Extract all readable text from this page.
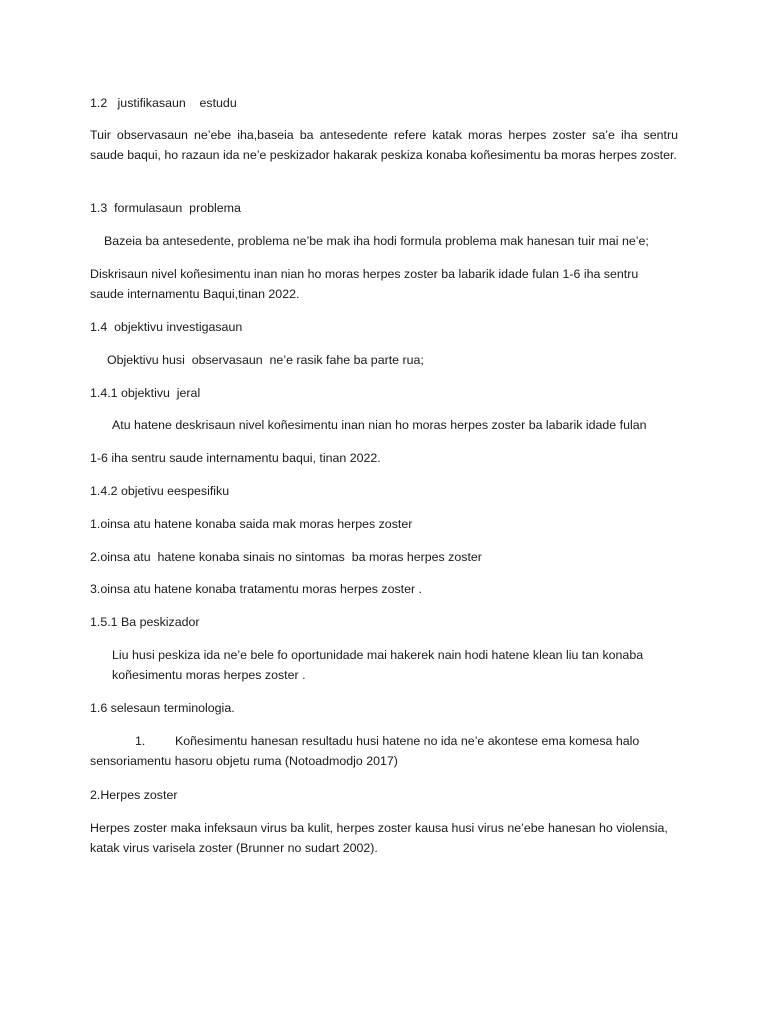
1.2   justifikasaun    estudu
Tuir observasaun ne’ebe iha,baseia ba antesedente refere katak moras herpes zoster sa’e iha sentru saude baqui, ho razaun ida ne’e peskizador hakarak peskiza konaba koñesimentu ba moras herpes zoster.
1.3  formulasaun  problema
Bazeia ba antesedente, problema ne’be mak iha hodi formula problema mak hanesan tuir mai ne’e;
Diskrisaun nivel koñesimentu inan nian ho moras herpes zoster ba labarik idade fulan 1-6 iha sentru
saude internamentu Baqui,tinan 2022.
1.4  objektivu investigasaun
Objektivu husi  observasaun  ne’e rasik fahe ba parte rua;
1.4.1 objektivu  jeral
Atu hatene deskrisaun nivel koñesimentu inan nian ho moras herpes zoster ba labarik idade fulan
1-6 iha sentru saude internamentu baqui, tinan 2022.
1.4.2 objetivu eespesifiku
1.oinsa atu hatene konaba saida mak moras herpes zoster
2.oinsa atu  hatene konaba sinais no sintomas  ba moras herpes zoster
3.oinsa atu hatene konaba tratamentu moras herpes zoster .
1.5.1 Ba peskizador
Liu husi peskiza ida ne’e bele fo oportunidade mai hakerek nain hodi hatene klean liu tan konaba
koñesimentu moras herpes zoster .
1.6 selesaun terminologia.
1. Koñesimentu hanesan resultadu husi hatene no ida ne’e akontese ema komesa halo
sensoriamentu hasoru objetu ruma (Notoadmodjo 2017)
2.Herpes zoster
Herpes zoster maka infeksaun virus ba kulit, herpes zoster kausa husi virus ne’ebe hanesan ho violensia,
katak virus varisela zoster (Brunner no sudart 2002).
